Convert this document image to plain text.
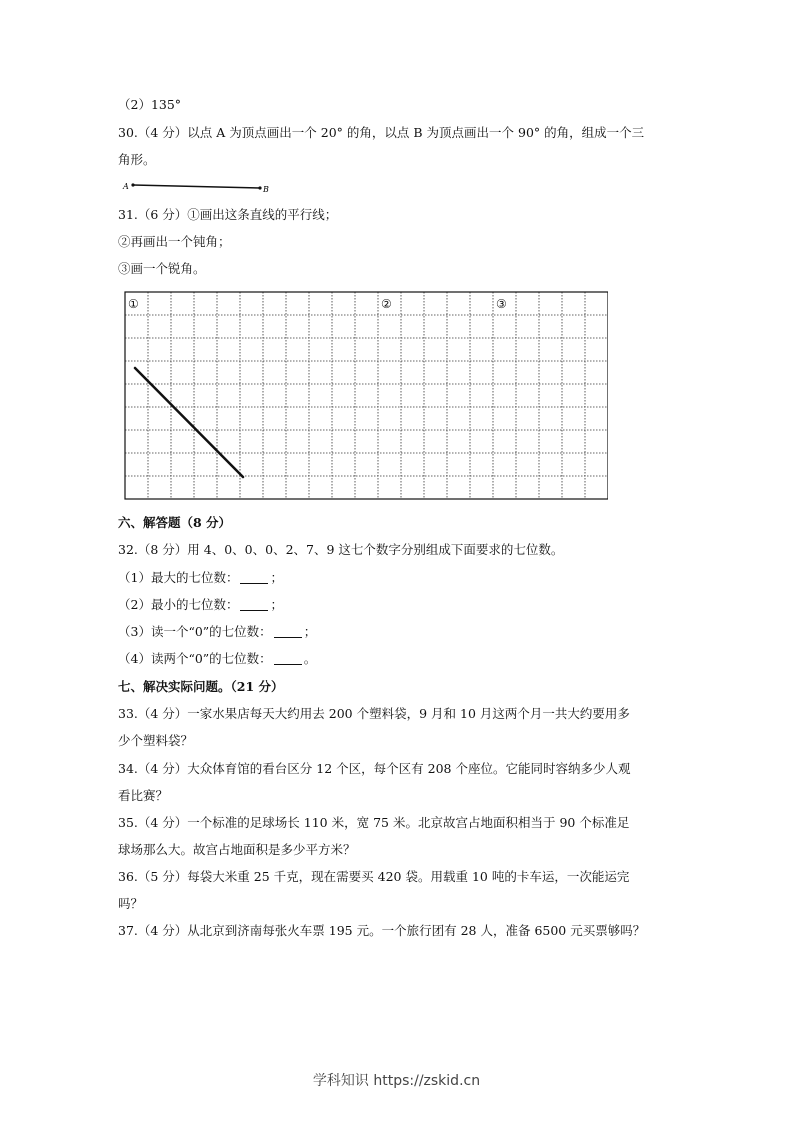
（2）135°
30.（4 分）以点 A 为顶点画出一个 20° 的角，以点 B 为顶点画出一个 90° 的角，组成一个三
角形。
A	B
31.（6 分）①画出这条直线的平行线；
②再画出一个钝角；
③画一个锐角。
①	②	③
六、解答题（8 分）
32.（8 分）用 4、0、0、0、2、7、9 这七个数字分别组成下面要求的七位数。
（1）最大的七位数：	；
（2）最小的七位数：	；
（3）读一个“0”的七位数：	；
（4）读两个“0”的七位数：	。
七、解决实际问题。（21 分）
33.（4 分）一家水果店每天大约用去 200 个塑料袋，9 月和 10 月这两个月一共大约要用多
少个塑料袋？
34.（4 分）大众体育馆的看台区分 12 个区，每个区有 208 个座位。它能同时容纳多少人观
看比赛？
35.（4 分）一个标准的足球场长 110 米，宽 75 米。北京故宫占地面积相当于 90 个标准足
球场那么大。故宫占地面积是多少平方米？
36.（5 分）每袋大米重 25 千克，现在需要买 420 袋。用载重 10 吨的卡车运，一次能运完
吗？
37.（4 分）从北京到济南每张火车票 195 元。一个旅行团有 28 人，准备 6500 元买票够吗？
学科知识 https://zskid.cn
